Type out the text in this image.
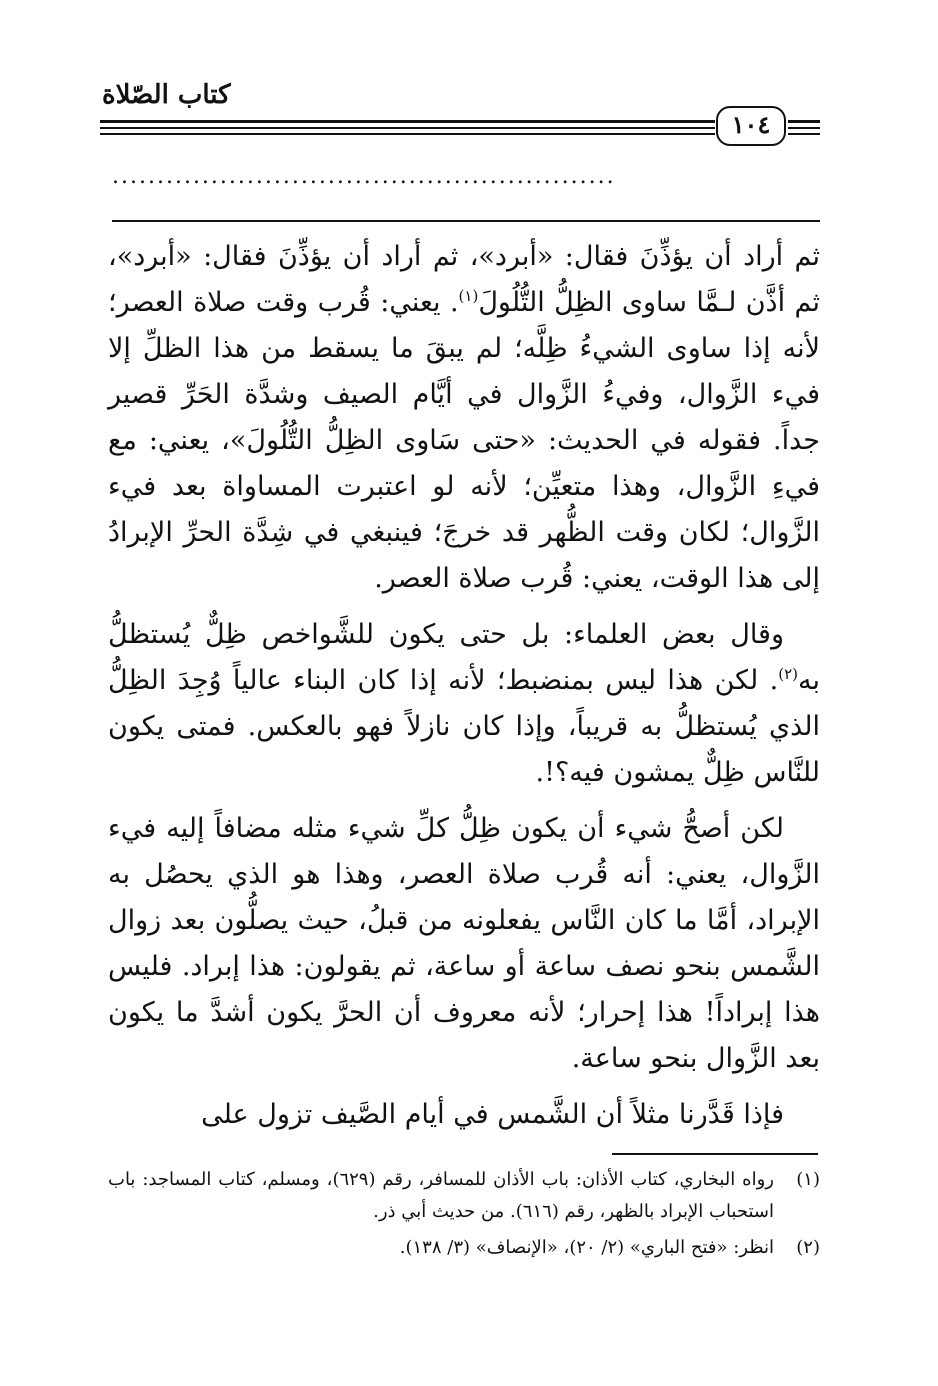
كتاب الصّلاة
١٠٤
........................................................

ثم أراد أن يؤذِّنَ فقال: «أبرد»، ثم أراد أن يؤذِّنَ فقال: «أبرد»، ثم أذَّن لـمَّا ساوى الظِلُّ التُّلُولَ$^{(١)}$. يعني: قُرب وقت صلاة العصر؛ لأنه إذا ساوى الشيءُ ظِلَّه؛ لم يبقَ ما يسقط من هذا الظلِّ إلا فيء الزَّوال، وفيءُ الزَّوال في أيَّام الصيف وشدَّة الحَرِّ قصير جداً. فقوله في الحديث: «حتى سَاوى الظِلُّ التُّلُولَ»، يعني: مع فيءِ الزَّوال، وهذا متعيِّن؛ لأنه لو اعتبرت المساواة بعد فيء الزَّوال؛ لكان وقت الظُّهر قد خرجَ؛ فينبغي في شِدَّة الحرِّ الإبرادُ إلى هذا الوقت، يعني: قُرب صلاة العصر.

وقال بعض العلماء: بل حتى يكون للشَّواخص ظِلٌّ يُستظلُّ به$^{(٢)}$. لكن هذا ليس بمنضبط؛ لأنه إذا كان البناء عالياً وُجِدَ الظِلُّ الذي يُستظلُّ به قريباً، وإذا كان نازلاً فهو بالعكس. فمتى يكون للنَّاس ظِلٌّ يمشون فيه؟!.

لكن أصحُّ شيء أن يكون ظِلُّ كلِّ شيء مثله مضافاً إليه فيء الزَّوال، يعني: أنه قُرب صلاة العصر، وهذا هو الذي يحصُل به الإبراد، أمَّا ما كان النَّاس يفعلونه من قبلُ، حيث يصلُّون بعد زوال الشَّمس بنحو نصف ساعة أو ساعة، ثم يقولون: هذا إبراد. فليس هذا إبراداً! هذا إحرار؛ لأنه معروف أن الحرَّ يكون أشدَّ ما يكون بعد الزَّوال بنحو ساعة.

فإذا قَدَّرنا مثلاً أن الشَّمس في أيام الصَّيف تزول على

(١)
رواه البخاري، كتاب الأذان: باب الأذان للمسافر، رقم (٦٢٩)، ومسلم، كتاب المساجد: باب استحباب الإبراد بالظهر، رقم (٦١٦). من حديث أبي ذر.
(٢)
انظر: «فتح الباري» (٢/ ٢٠)، «الإنصاف» (٣/ ١٣٨).
